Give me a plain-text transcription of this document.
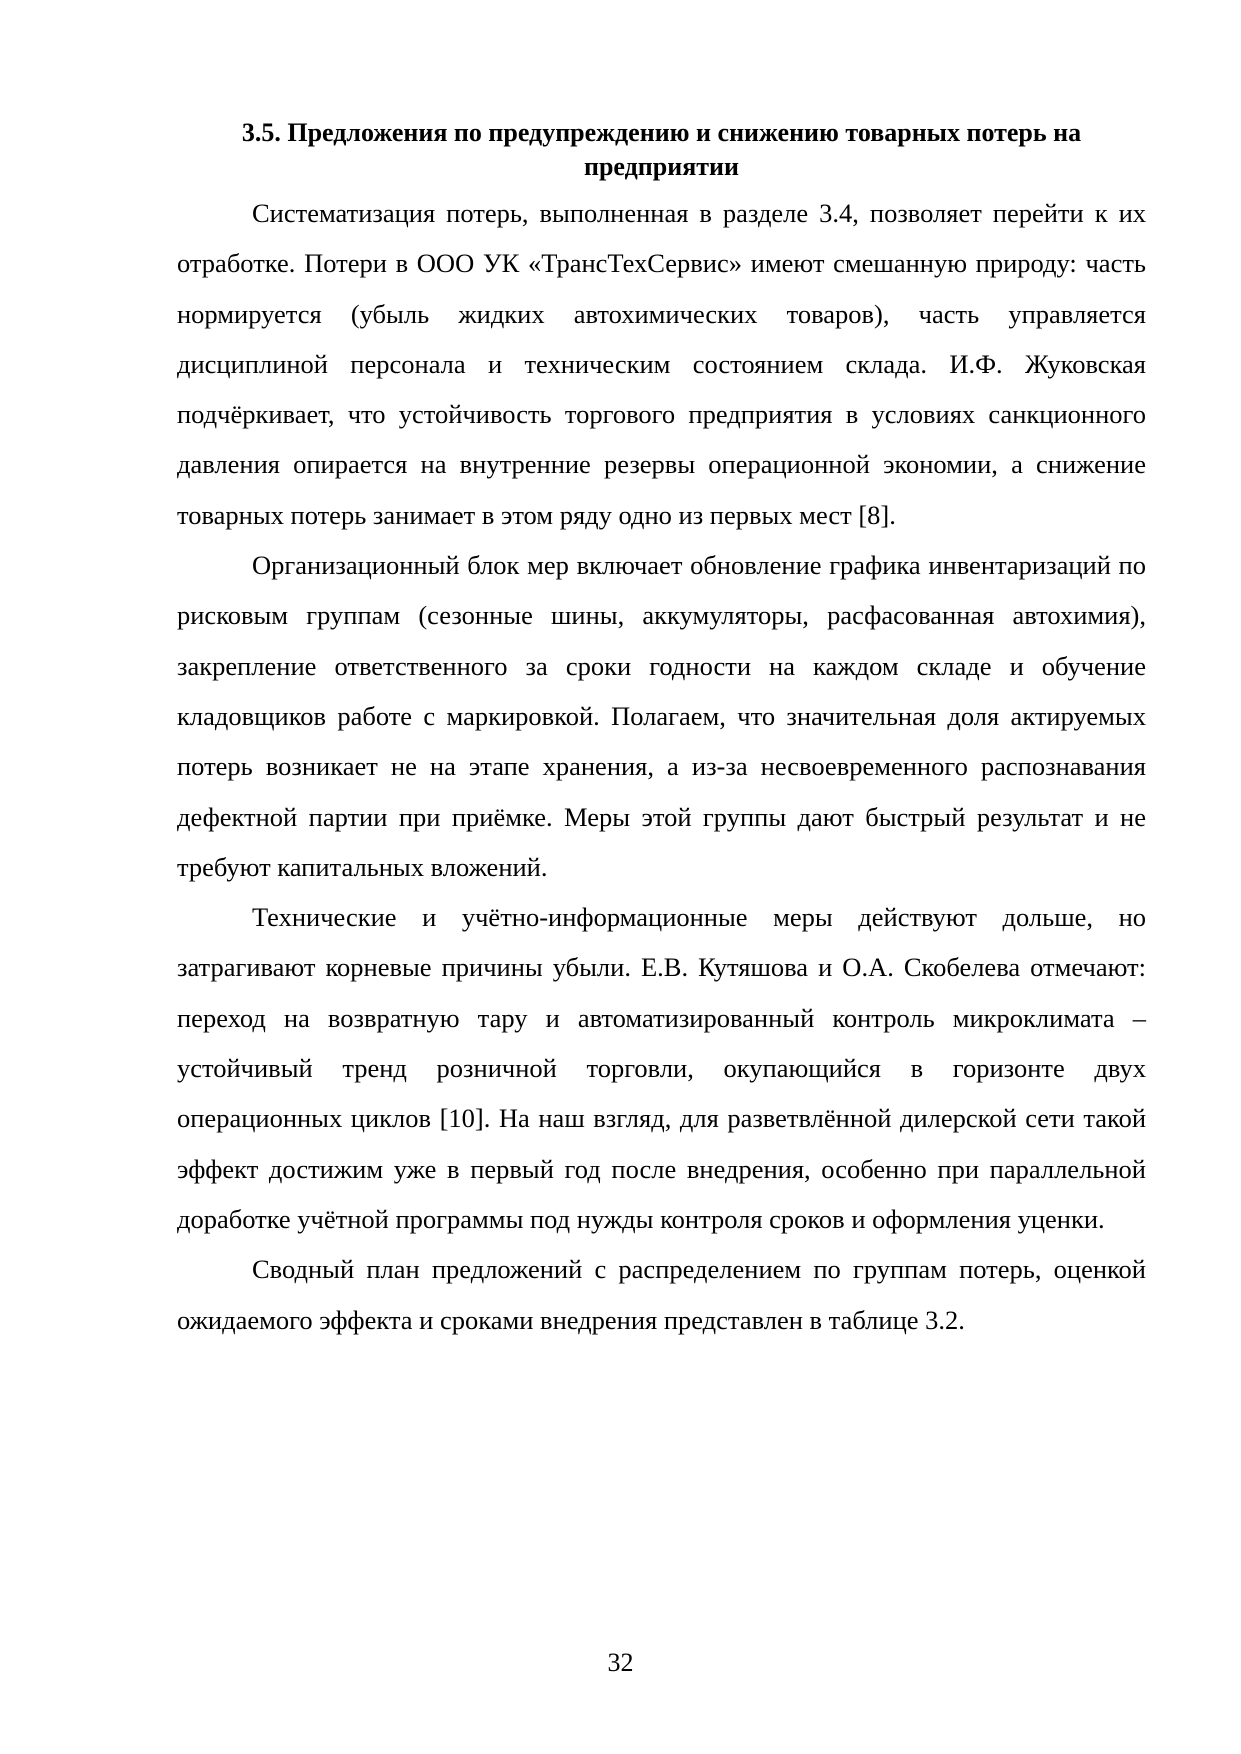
3.5. Предложения по предупреждению и снижению товарных потерь на предприятии

Систематизация потерь, выполненная в разделе 3.4, позволяет перейти к их отработке. Потери в ООО УК «ТрансТехСервис» имеют смешанную природу: часть нормируется (убыль жидких автохимических товаров), часть управляется дисциплиной персонала и техническим состоянием склада. И.Ф. Жуковская подчёркивает, что устойчивость торгового предприятия в условиях санкционного давления опирается на внутренние резервы операционной экономии, а снижение товарных потерь занимает в этом ряду одно из первых мест [8].

Организационный блок мер включает обновление графика инвентаризаций по рисковым группам (сезонные шины, аккумуляторы, расфасованная автохимия), закрепление ответственного за сроки годности на каждом складе и обучение кладовщиков работе с маркировкой. Полагаем, что значительная доля актируемых потерь возникает не на этапе хранения, а из-за несвоевременного распознавания дефектной партии при приёмке. Меры этой группы дают быстрый результат и не требуют капитальных вложений.

Технические и учётно-информационные меры действуют дольше, но затрагивают корневые причины убыли. Е.В. Кутяшова и О.А. Скобелева отмечают: переход на возвратную тару и автоматизированный контроль микроклимата – устойчивый тренд розничной торговли, окупающийся в горизонте двух операционных циклов [10]. На наш взгляд, для разветвлённой дилерской сети такой эффект достижим уже в первый год после внедрения, особенно при параллельной доработке учётной программы под нужды контроля сроков и оформления уценки.

Сводный план предложений с распределением по группам потерь, оценкой ожидаемого эффекта и сроками внедрения представлен в таблице 3.2.

32
